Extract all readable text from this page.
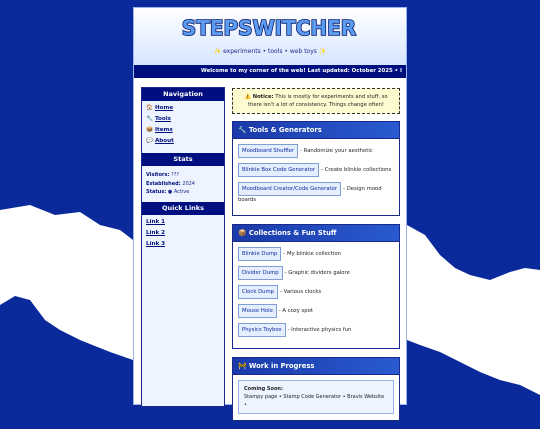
STEPSWITCHER
✨ experiments • tools • web toys ✨
Welcome to my corner of the web! Last updated: October 2025 • I
Navigation
🏠 Home
🔧 Tools
📦 Items
💬 About
Stats
Visitors: ???
Established: 2024
Status: ● Active
Quick Links
Link 1
Link 2
Link 3
⚠️ Notice: This is mostly for experiments and stuff, so there isn't a lot of consistency. Things change often!
🔧 Tools & Generators
Moodboard Shuffler - Randomize your aesthetic
Blinkie Box Code Generator - Create blinkie collections
Moodboard Creator/Code Generator - Design mood boards
📦 Collections & Fun Stuff
Blinkie Dump - My blinkie collection
Divider Dump - Graphic dividers galore
Clock Dump - Various clocks
Mouse Hole - A cozy spot
Physics Toybox - Interactive physics fun
🚧 Work in Progress
Coming Soon:
Stampy page • Stamp Code Generator • Bravis Website •
